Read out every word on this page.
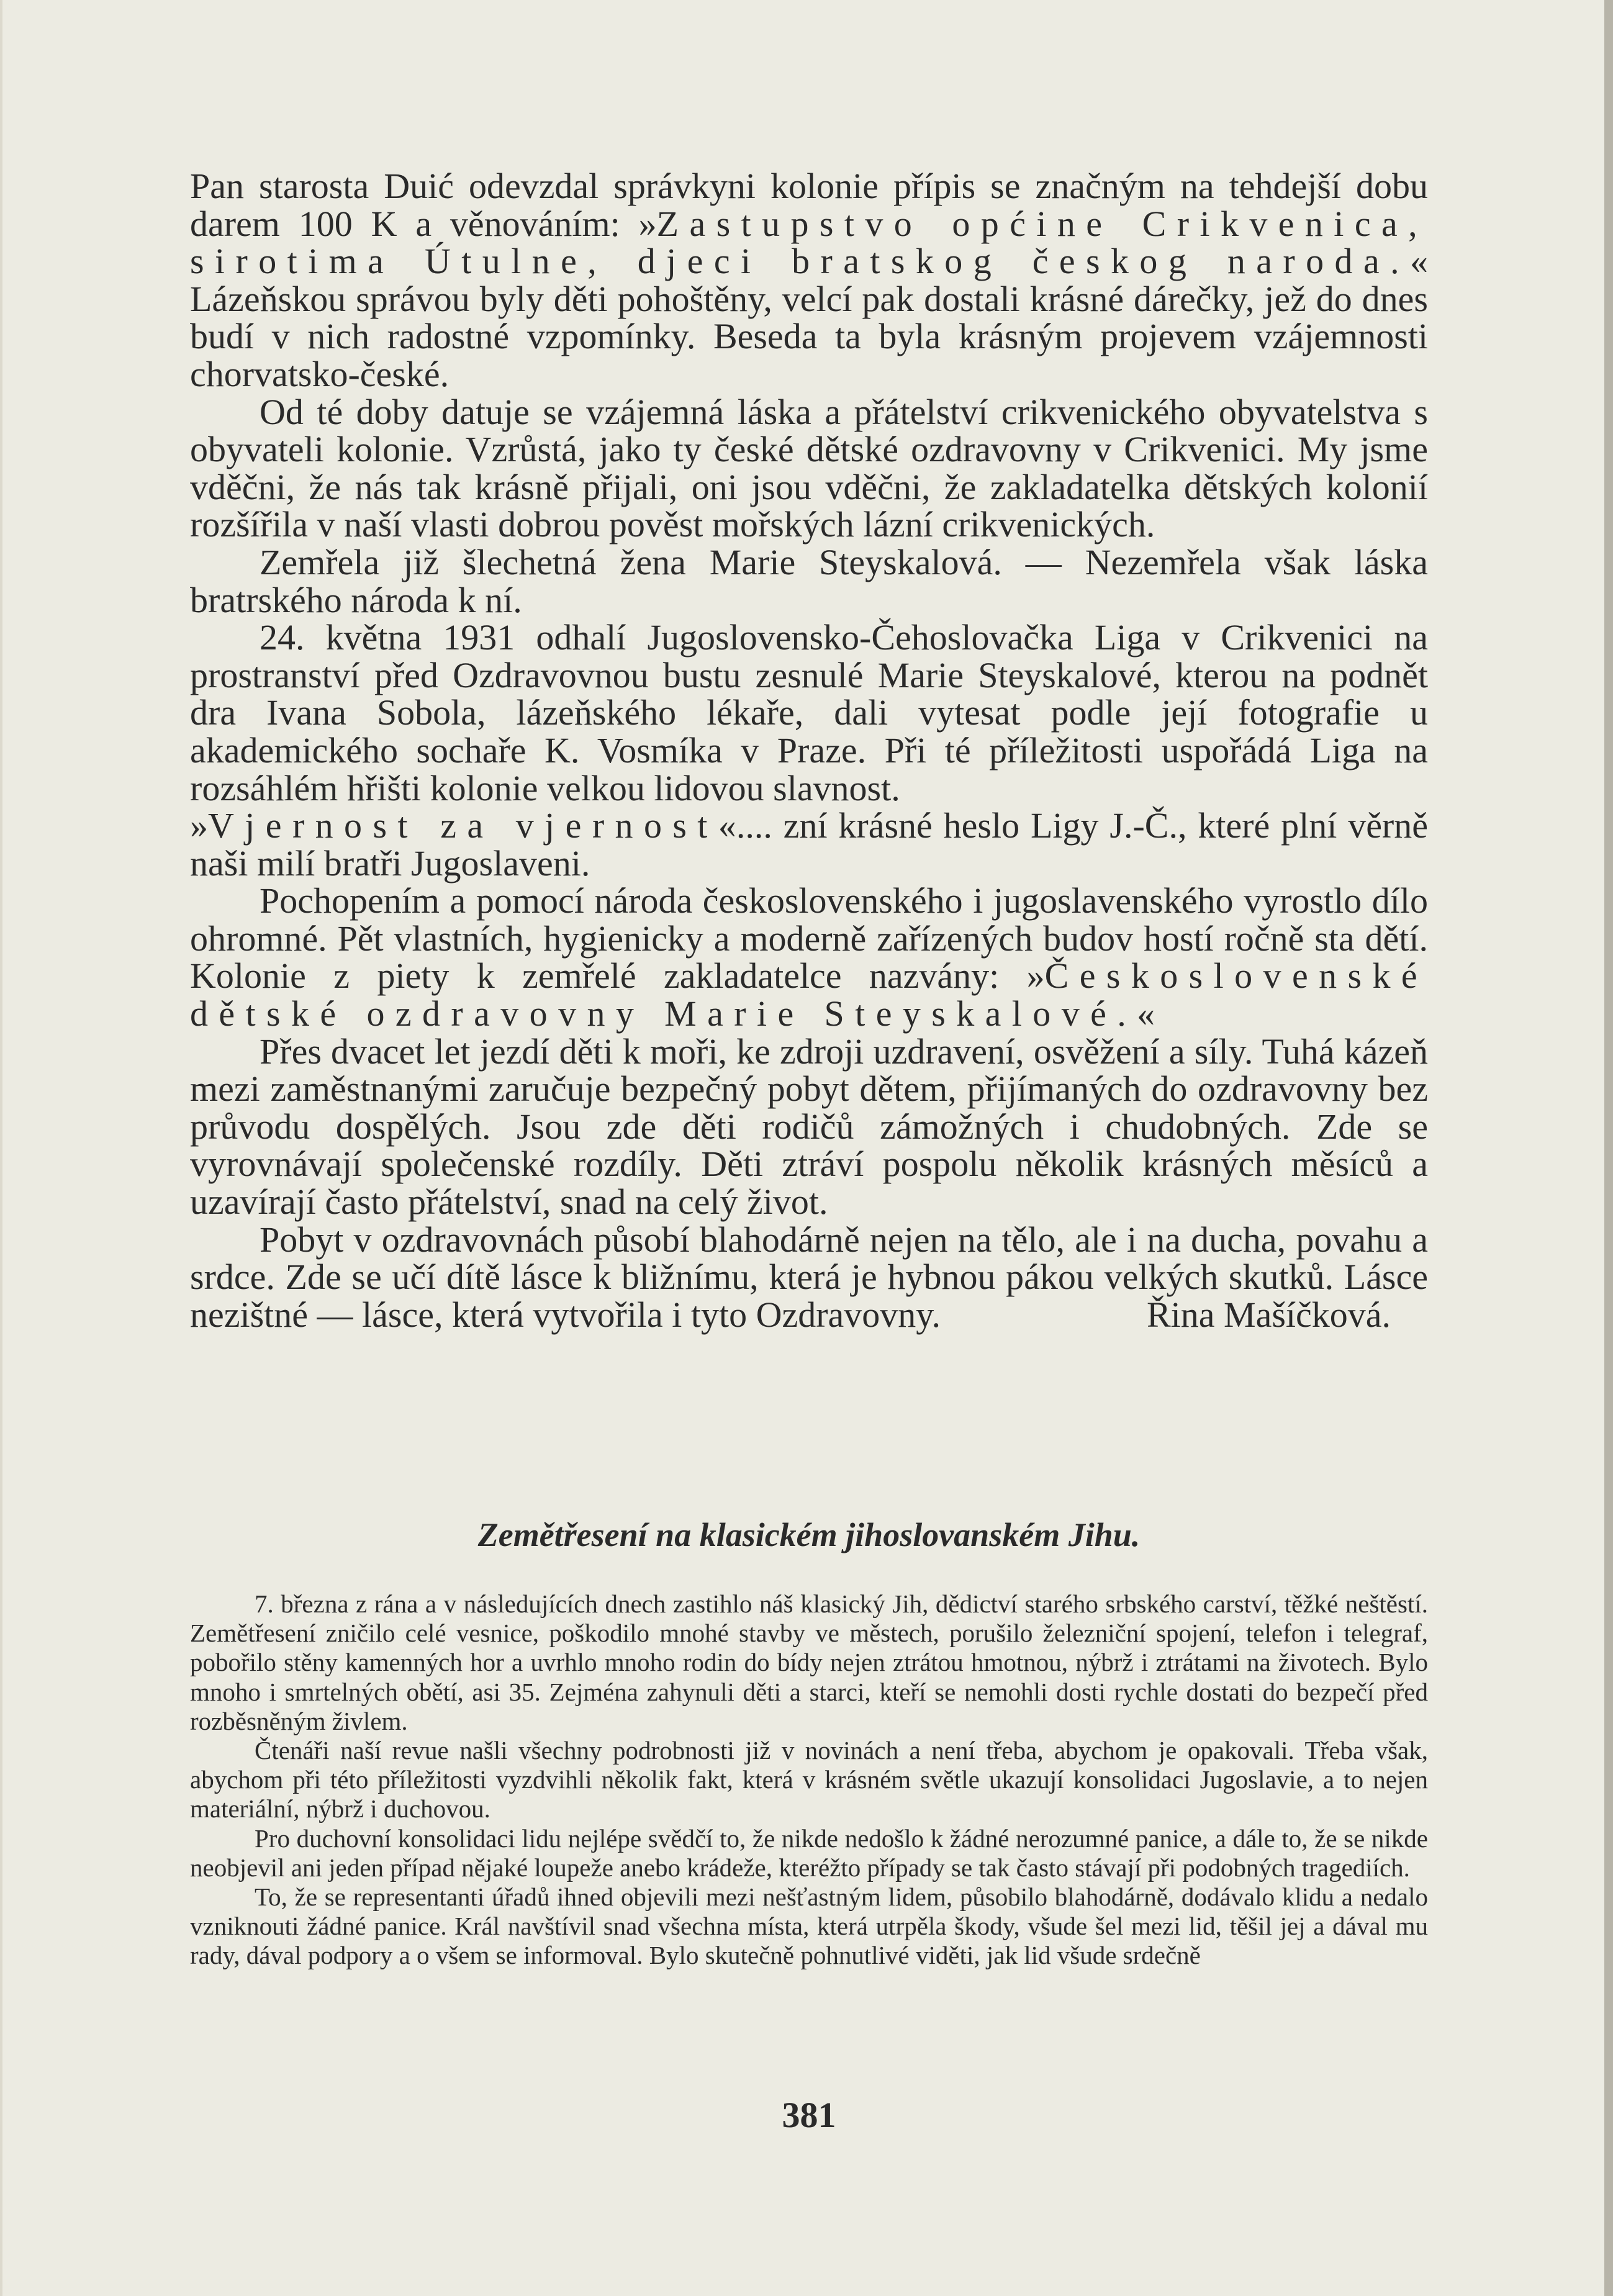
Pan starosta Duić odevzdal správkyni kolonie přípis se značným na tehdejší dobu darem 100 K a věnováním: »Zastupstvo općine Crikvenica, sirotima Útulne, djeci bratskog českog naroda.« Lázeňskou správou byly děti pohoštěny, velcí pak dostali krásné dárečky, jež do dnes budí v nich radostné vzpomínky. Beseda ta byla krásným projevem vzájemnosti chorvatsko-české.

Od té doby datuje se vzájemná láska a přátelství crikvenického obyvatelstva s obyvateli kolonie. Vzrůstá, jako ty české dětské ozdravovny v Crikvenici. My jsme vděčni, že nás tak krásně přijali, oni jsou vděčni, že zakladatelka dětských kolonií rozšířila v naší vlasti dobrou pověst mořských lázní crikvenických.

Zemřela již šlechetná žena Marie Steyskalová. — Nezemřela však láska bratrského národa k ní.

24. května 1931 odhalí Jugoslovensko-Čehoslovačka Liga v Crikvenici na prostranství před Ozdravovnou bustu zesnulé Marie Steyskalové, kterou na podnět dra Ivana Sobola, lázeňského lékaře, dali vytesat podle její fotografie u akademického sochaře K. Vosmíka v Praze. Při té příležitosti uspořádá Liga na rozsáhlém hřišti kolonie velkou lidovou slavnost.

»Vjernost za vjernost«.... zní krásné heslo Ligy J.-Č., které plní věrně naši milí bratři Jugoslaveni.

Pochopením a pomocí národa československého i jugoslavenského vyrostlo dílo ohromné. Pět vlastních, hygienicky a moderně zařízených budov hostí ročně sta dětí. Kolonie z piety k zemřelé zakladatelce nazvány: »Československé dětské ozdravovny Marie Steyskalové.«

Přes dvacet let jezdí děti k moři, ke zdroji uzdravení, osvěžení a síly. Tuhá kázeň mezi zaměstnanými zaručuje bezpečný pobyt dětem, přijímaných do ozdravovny bez průvodu dospělých. Jsou zde děti rodičů zámožných i chudobných. Zde se vyrovnávají společenské rozdíly. Děti ztráví pospolu několik krásných měsíců a uzavírají často přátelství, snad na celý život.

Pobyt v ozdravovnách působí blahodárně nejen na tělo, ale i na ducha, povahu a srdce. Zde se učí dítě lásce k bližnímu, která je hybnou pákou velkých skutků. Lásce nezištné — lásce, která vytvořila i tyto Ozdravovny.	Řina Mašíčková.

Zemětřesení na klasickém jihoslovanském Jihu.

7. března z rána a v následujících dnech zastihlo náš klasický Jih, dědictví starého srbského carství, těžké neštěstí. Zemětřesení zničilo celé vesnice, poškodilo mnohé stavby ve městech, porušilo železniční spojení, telefon i telegraf, pobořilo stěny kamenných hor a uvrhlo mnoho rodin do bídy nejen ztrátou hmotnou, nýbrž i ztrátami na životech. Bylo mnoho i smrtelných obětí, asi 35. Zejména zahynuli děti a starci, kteří se nemohli dosti rychle dostati do bezpečí před rozběsněným živlem.

Čtenáři naší revue našli všechny podrobnosti již v novinách a není třeba, abychom je opakovali. Třeba však, abychom při této příležitosti vyzdvihli několik fakt, která v krásném světle ukazují konsolidaci Jugoslavie, a to nejen materiální, nýbrž i duchovou.

Pro duchovní konsolidaci lidu nejlépe svědčí to, že nikde nedošlo k žádné nerozumné panice, a dále to, že se nikde neobjevil ani jeden případ nějaké loupeže anebo krádeže, kteréžto případy se tak často stávají při podobných tragediích.

To, že se representanti úřadů ihned objevili mezi nešťastným lidem, působilo blahodárně, dodávalo klidu a nedalo vzniknouti žádné panice. Král navštívil snad všechna místa, která utrpěla škody, všude šel mezi lid, těšil jej a dával mu rady, dával podpory a o všem se informoval. Bylo skutečně pohnutlivé viděti, jak lid všude srdečně

381
